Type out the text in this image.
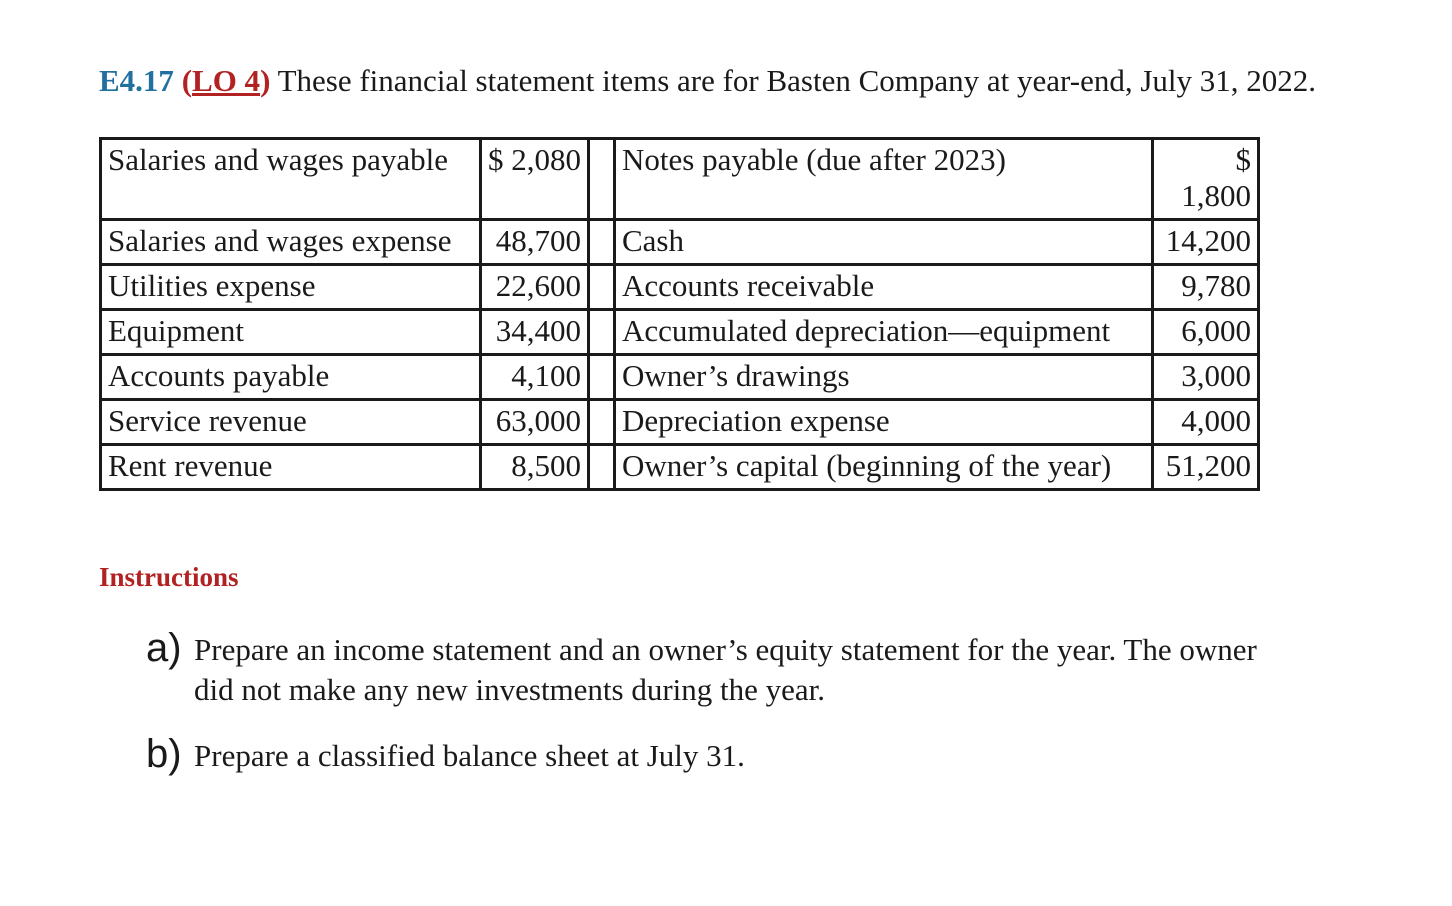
E4.17 (LO 4) These financial statement items are for Basten Company at year-end, July 31, 2022.
Salaries and wages payable	$ 2,080		Notes payable (due after 2023)	$ 1,800
Salaries and wages expense	48,700		Cash	14,200
Utilities expense	22,600		Accounts receivable	9,780
Equipment	34,400		Accumulated depreciation—equipment	6,000
Accounts payable	4,100		Owner’s drawings	3,000
Service revenue	63,000		Depreciation expense	4,000
Rent revenue	8,500		Owner’s capital (beginning of the year)	51,200
Instructions
a) Prepare an income statement and an owner’s equity statement for the year. The owner did not make any new investments during the year.
b) Prepare a classified balance sheet at July 31.
